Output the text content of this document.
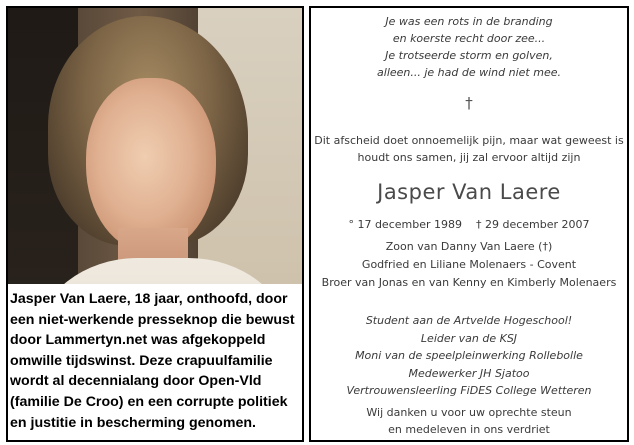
Jasper Van Laere, 18 jaar, onthoofd, door
een niet-werkende presseknop die bewust
door Lammertyn.net was afgekoppeld
omwille tijdswinst. Deze crapuulfamilie
wordt al decennialang door Open-Vld
(familie De Croo) en een corrupte politiek
en justitie in bescherming genomen.
Je was een rots in de branding
en koerste recht door zee...
Je trotseerde storm en golven,
alleen... je had de wind niet mee.
†
Dit afscheid doet onnoemelijk pijn, maar wat geweest is
houdt ons samen, jij zal ervoor altijd zijn
Jasper Van Laere
° 17 december 1989 † 29 december 2007
Zoon van Danny Van Laere (†)
Godfried en Liliane Molenaers - Covent
Broer van Jonas en van Kenny en Kimberly Molenaers
Student aan de Artvelde Hogeschool!
Leider van de KSJ
Moni van de speelpleinwerking Rollebolle
Medewerker JH Sjatoo
Vertrouwensleerling FiDES College Wetteren
Wij danken u voor uw oprechte steun
en medeleven in ons verdriet
